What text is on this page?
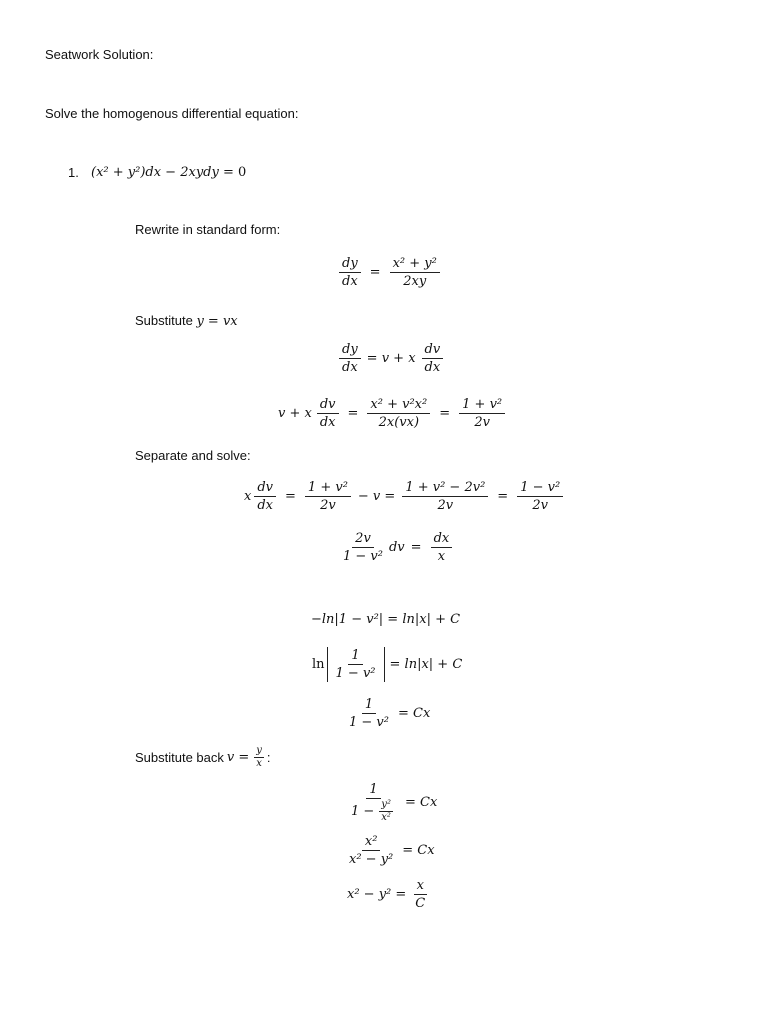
Seatwork Solution:
Solve the homogenous differential equation:
1. (x² + y²)dx − 2xydy = 0
Rewrite in standard form:
$\frac{dy}{dx} = \frac{\text{x² + y²}}{2xy}$
Substitute y = vx
$\frac{dy}{dx} = v + x \frac{dv}{dx}$
v + x $\frac{dv}{dx} = \frac{\text{x² + v²x²}}{2x(vx)} = \frac{\text{1 + v²}}{2v}$
Separate and solve:
x $\frac{dv}{dx} = \frac{\text{1 + v²}}{2v} - v = \frac{\text{1 + v² − 2v²}}{2v} = \frac{\text{1 − v²}}{2v}$
$\frac{2v}{\text{1 − v²}}$ dv = $\frac{dx}{x}$
−ln|1 − v²| = ln|x| + C
$\ln \frac{1}{\text{1 − v²}} = \ln|x| + C$
$\frac{1}{\text{1 − v²}} = Cx$
Substitute back $v = \frac{y}{x}$ :
$\frac{1}{1 - \frac{\text{y²}}{\text{x²}}} = Cx$
$\frac{\text{x²}}{\text{x² − y²}} = Cx$
$x^2 - y^2 = \frac{x}{C}$
